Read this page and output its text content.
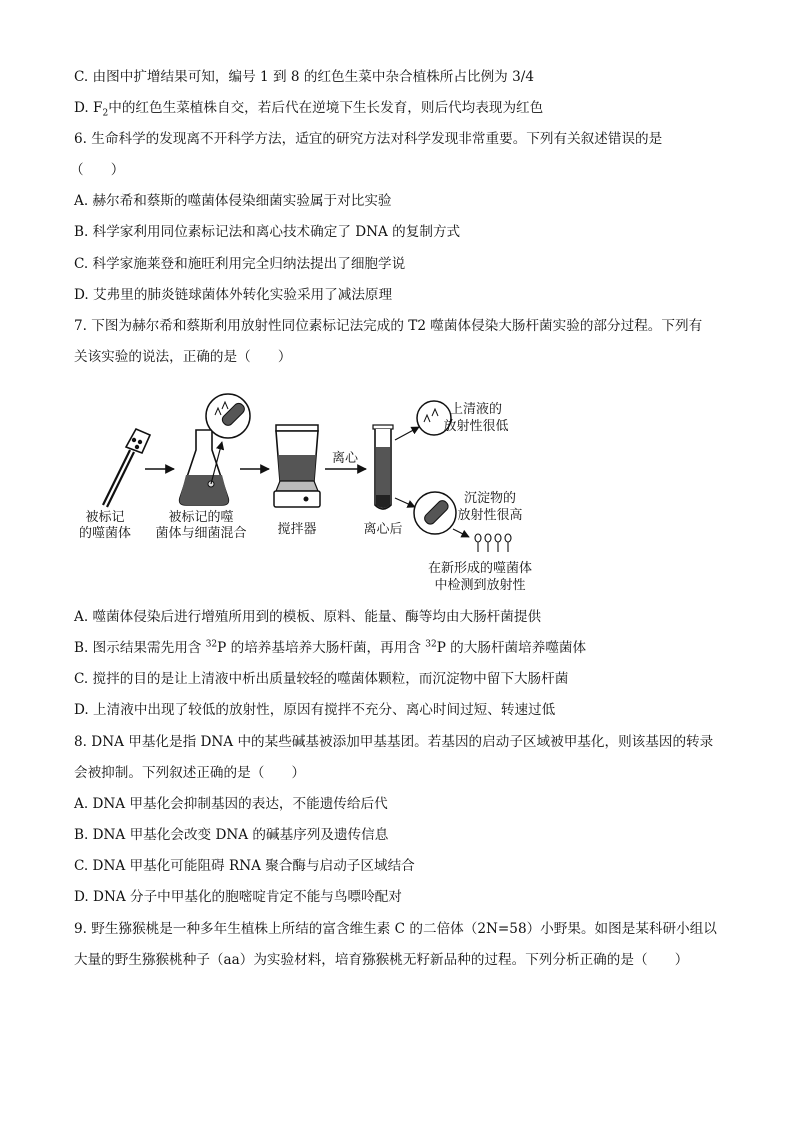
C. 由图中扩增结果可知，编号 1 到 8 的红色生菜中杂合植株所占比例为 3/4
D. $F_2$中的红色生菜植株自交，若后代在逆境下生长发育，则后代均表现为红色
6. 生命科学的发现离不开科学方法，适宜的研究方法对科学发现非常重要。下列有关叙述错误的是
（　　）
A. 赫尔希和蔡斯的噬菌体侵染细菌实验属于对比实验
B. 科学家利用同位素标记法和离心技术确定了 DNA 的复制方式
C. 科学家施莱登和施旺利用完全归纳法提出了细胞学说
D. 艾弗里的肺炎链球菌体外转化实验采用了减法原理
7. 下图为赫尔希和蔡斯利用放射性同位素标记法完成的 T2 噬菌体侵染大肠杆菌实验的部分过程。下列有
关该实验的说法，正确的是（　　）
被标记
的噬菌体
被标记的噬
菌体与细菌混合 搅拌器
离心
离心后
上清液的
放射性很低
沉淀物的
放射性很高
在新形成的噬菌体
中检测到放射性
A. 噬菌体侵染后进行增殖所用到的模板、原料、能量、酶等均由大肠杆菌提供
B. 图示结果需先用含 $^{32}$P 的培养基培养大肠杆菌，再用含 $^{32}$P 的大肠杆菌培养噬菌体
C. 搅拌的目的是让上清液中析出质量较轻的噬菌体颗粒，而沉淀物中留下大肠杆菌
D. 上清液中出现了较低的放射性，原因有搅拌不充分、离心时间过短、转速过低
8. DNA 甲基化是指 DNA 中的某些碱基被添加甲基基团。若基因的启动子区域被甲基化，则该基因的转录
会被抑制。下列叙述正确的是（　　）
A. DNA 甲基化会抑制基因的表达，不能遗传给后代
B. DNA 甲基化会改变 DNA 的碱基序列及遗传信息
C. DNA 甲基化可能阻碍 RNA 聚合酶与启动子区域结合
D. DNA 分子中甲基化的胞嘧啶肯定不能与鸟嘌呤配对
9. 野生猕猴桃是一种多年生植株上所结的富含维生素 C 的二倍体（2N=58）小野果。如图是某科研小组以
大量的野生猕猴桃种子（aa）为实验材料，培育猕猴桃无籽新品种的过程。下列分析正确的是（　　）
